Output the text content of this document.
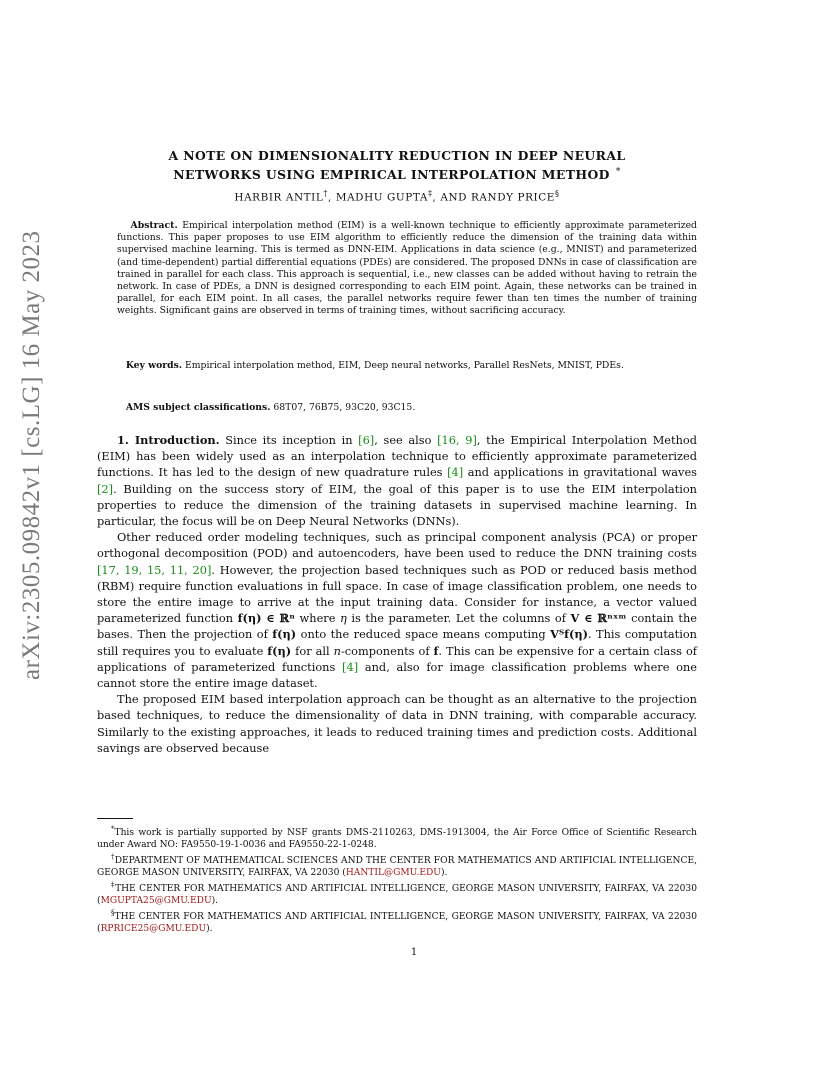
arXiv:2305.09842v1 [cs.LG] 16 May 2023
A NOTE ON DIMENSIONALITY REDUCTION IN DEEP NEURAL
NETWORKS USING EMPIRICAL INTERPOLATION METHOD *
HARBIR ANTIL†, MADHU GUPTA‡, AND RANDY PRICE§
Abstract. Empirical interpolation method (EIM) is a well-known technique to efficiently approximate parameterized functions. This paper proposes to use EIM algorithm to efficiently reduce the dimension of the training data within supervised machine learning. This is termed as DNN-EIM. Applications in data science (e.g., MNIST) and parameterized (and time-dependent) partial differential equations (PDEs) are considered. The proposed DNNs in case of classification are trained in parallel for each class. This approach is sequential, i.e., new classes can be added without having to retrain the network. In case of PDEs, a DNN is designed corresponding to each EIM point. Again, these networks can be trained in parallel, for each EIM point. In all cases, the parallel networks require fewer than ten times the number of training weights. Significant gains are observed in terms of training times, without sacrificing accuracy.
Key words. Empirical interpolation method, EIM, Deep neural networks, Parallel ResNets, MNIST, PDEs.
AMS subject classifications. 68T07, 76B75, 93C20, 93C15.

1. Introduction. Since its inception in [6], see also [16, 9], the Empirical Interpolation Method (EIM) has been widely used as an interpolation technique to efficiently approximate parameterized functions. It has led to the design of new quadrature rules [4] and applications in gravitational waves [2]. Building on the success story of EIM, the goal of this paper is to use the EIM interpolation properties to reduce the dimension of the training datasets in supervised machine learning. In particular, the focus will be on Deep Neural Networks (DNNs).

Other reduced order modeling techniques, such as principal component analysis (PCA) or proper orthogonal decomposition (POD) and autoencoders, have been used to reduce the DNN training costs [17, 19, 15, 11, 20]. However, the projection based techniques such as POD or reduced basis method (RBM) require function evaluations in full space. In case of image classification problem, one needs to store the entire image to arrive at the input training data. Consider for instance, a vector valued parameterized function f(η) ∈ ℝⁿ where η is the parameter. Let the columns of V ∈ ℝⁿˣᵐ contain the bases. Then the projection of f(η) onto the reduced space means computing Vᵀf(η). This computation still requires you to evaluate f(η) for all n-components of f. This can be expensive for a certain class of applications of parameterized functions [4] and, also for image classification problems where one cannot store the entire image dataset.

The proposed EIM based interpolation approach can be thought as an alternative to the projection based techniques, to reduce the dimensionality of data in DNN training, with comparable accuracy. Similarly to the existing approaches, it leads to reduced training times and prediction costs. Additional savings are observed because

*This work is partially supported by NSF grants DMS-2110263, DMS-1913004, the Air Force Office of Scientific Research under Award NO: FA9550-19-1-0036 and FA9550-22-1-0248.

†DEPARTMENT OF MATHEMATICAL SCIENCES AND THE CENTER FOR MATHEMATICS AND ARTIFICIAL INTELLIGENCE, GEORGE MASON UNIVERSITY, FAIRFAX, VA 22030 (HANTIL@GMU.EDU).

‡THE CENTER FOR MATHEMATICS AND ARTIFICIAL INTELLIGENCE, GEORGE MASON UNIVERSITY, FAIRFAX, VA 22030 (MGUPTA25@GMU.EDU).

§THE CENTER FOR MATHEMATICS AND ARTIFICIAL INTELLIGENCE, GEORGE MASON UNIVERSITY, FAIRFAX, VA 22030 (RPRICE25@GMU.EDU).

1
